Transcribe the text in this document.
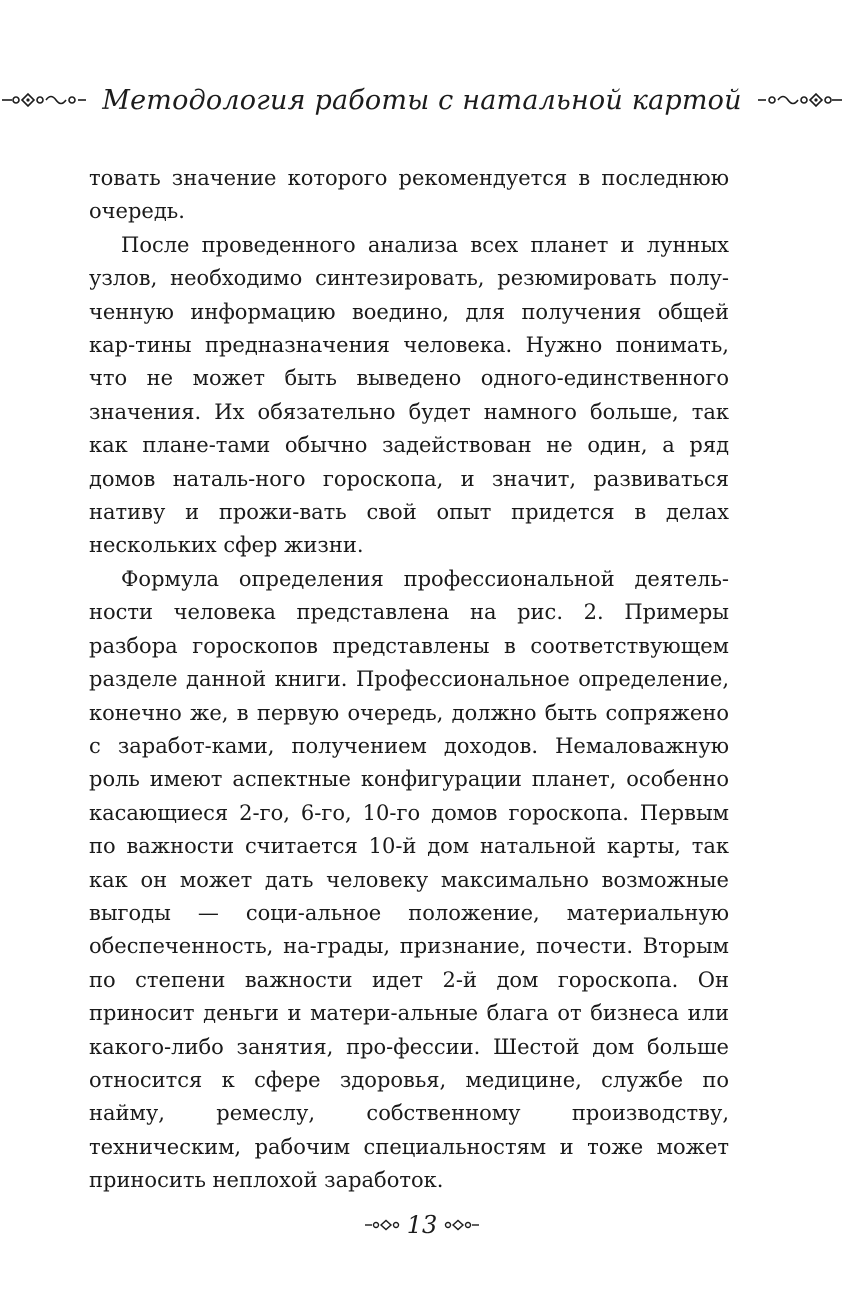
Методология работы с натальной картой

товать значение которого рекомендуется в последнюю очередь.

После проведенного анализа всех планет и лунных узлов, необходимо синтезировать, резюмировать полу-ченную информацию воедино, для получения общей кар-тины предназначения человека. Нужно понимать, что не может быть выведено одного-единственного значения. Их обязательно будет намного больше, так как плане-тами обычно задействован не один, а ряд домов наталь-ного гороскопа, и значит, развиваться нативу и прожи-вать свой опыт придется в делах нескольких сфер жизни.

Формула определения профессиональной деятель-ности человека представлена на рис. 2. Примеры разбора гороскопов представлены в соответствующем разделе данной книги. Профессиональное определение, конечно же, в первую очередь, должно быть сопряжено с заработ-ками, получением доходов. Немаловажную роль имеют аспектные конфигурации планет, особенно касающиеся 2-го, 6-го, 10-го домов гороскопа. Первым по важности считается 10-й дом натальной карты, так как он может дать человеку максимально возможные выгоды — соци-альное положение, материальную обеспеченность, на-грады, признание, почести. Вторым по степени важности идет 2-й дом гороскопа. Он приносит деньги и матери-альные блага от бизнеса или какого-либо занятия, про-фессии. Шестой дом больше относится к сфере здоровья, медицине, службе по найму, ремеслу, собственному производству, техническим, рабочим специальностям и тоже может приносить неплохой заработок.

13
